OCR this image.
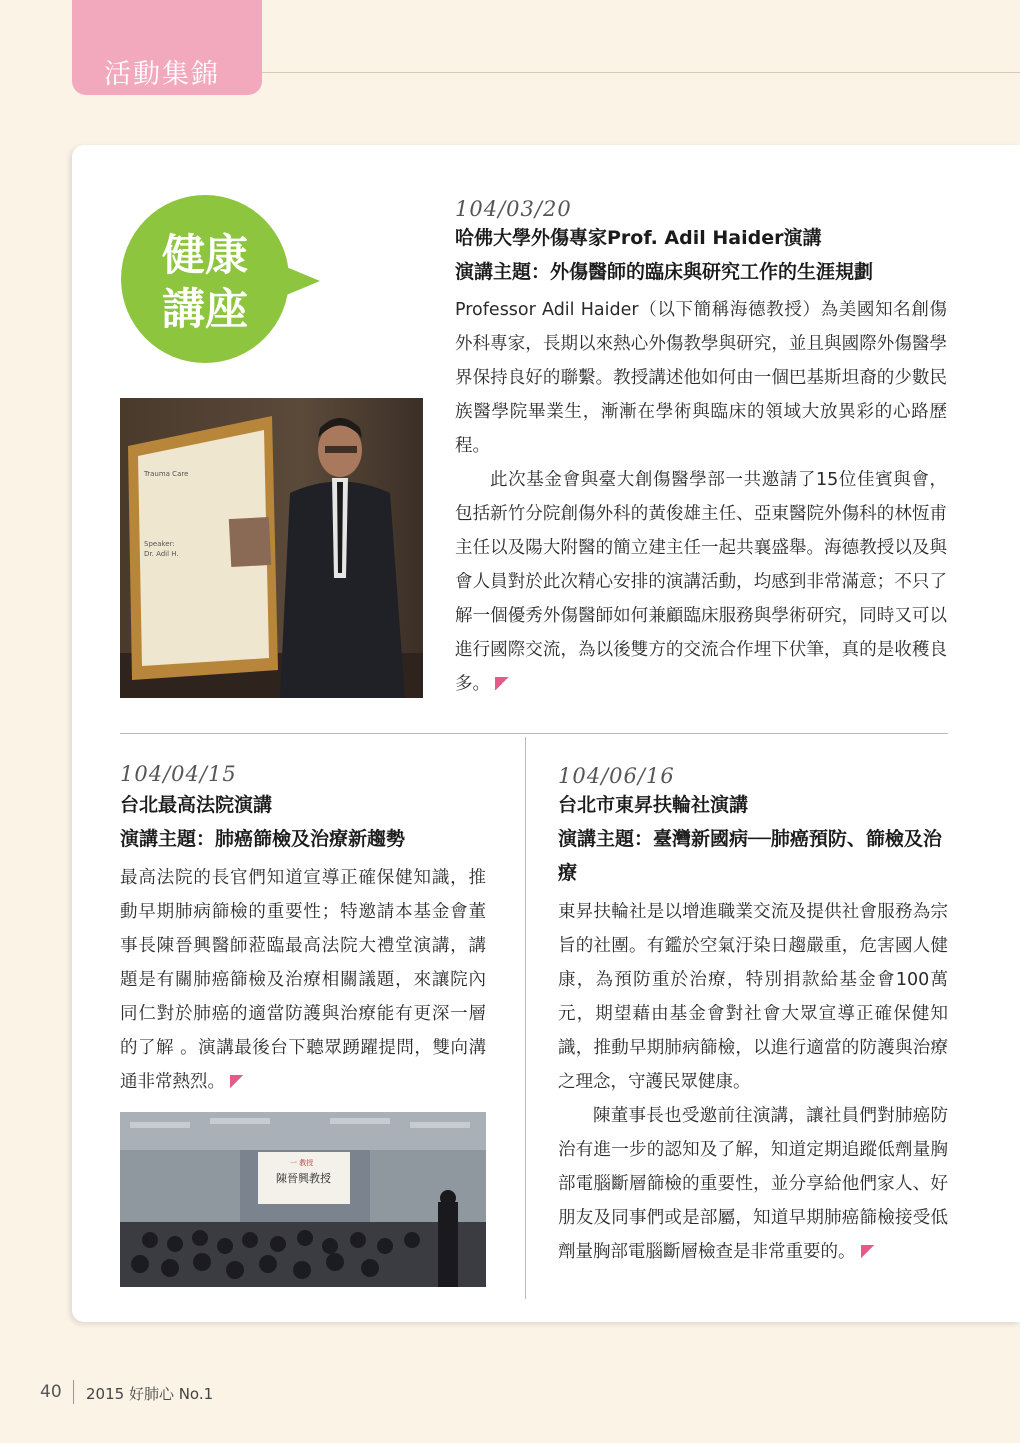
活動集錦
健康
講座
Trauma Care
Speaker:
Dr. Adil H.
104/03/20
哈佛大學外傷專家Prof. Adil Haider演講
演講主題：外傷醫師的臨床與研究工作的生涯規劃

Professor Adil Haider（以下簡稱海德教授）為美國知名創傷外科專家，長期以來熱心外傷教學與研究，並且與國際外傷醫學界保持良好的聯繫。教授講述他如何由一個巴基斯坦裔的少數民族醫學院畢業生，漸漸在學術與臨床的領域大放異彩的心路歷程。

此次基金會與臺大創傷醫學部一共邀請了15位佳賓與會，包括新竹分院創傷外科的黃俊雄主任、亞東醫院外傷科的林恆甫主任以及陽大附醫的簡立建主任一起共襄盛舉。海德教授以及與會人員對於此次精心安排的演講活動，均感到非常滿意；不只了解一個優秀外傷醫師如何兼顧臨床服務與學術研究，同時又可以進行國際交流，為以後雙方的交流合作埋下伏筆，真的是收穫良多。

104/04/15
台北最高法院演講
演講主題：肺癌篩檢及治療新趨勢

最高法院的長官們知道宣導正確保健知識，推動早期肺病篩檢的重要性；特邀請本基金會董事長陳晉興醫師蒞臨最高法院大禮堂演講，講題是有關肺癌篩檢及治療相關議題，來讓院內同仁對於肺癌的適當防護與治療能有更深一層的了解 。演講最後台下聽眾踴躍提問，雙向溝通非常熱烈。

一 教授
陳晉興教授
104/06/16
台北市東昇扶輪社演講
演講主題：臺灣新國病──肺癌預防、篩檢及治療

東昇扶輪社是以增進職業交流及提供社會服務為宗旨的社團。有鑑於空氣汙染日趨嚴重，危害國人健康，為預防重於治療，特別捐款給基金會100萬元，期望藉由基金會對社會大眾宣導正確保健知識，推動早期肺病篩檢，以進行適當的防護與治療之理念，守護民眾健康。

陳董事長也受邀前往演講，讓社員們對肺癌防治有進一步的認知及了解，知道定期追蹤低劑量胸部電腦斷層篩檢的重要性，並分享給他們家人、好朋友及同事們或是部屬，知道早期肺癌篩檢接受低劑量胸部電腦斷層檢查是非常重要的。

40 2015 好肺心 No.1
